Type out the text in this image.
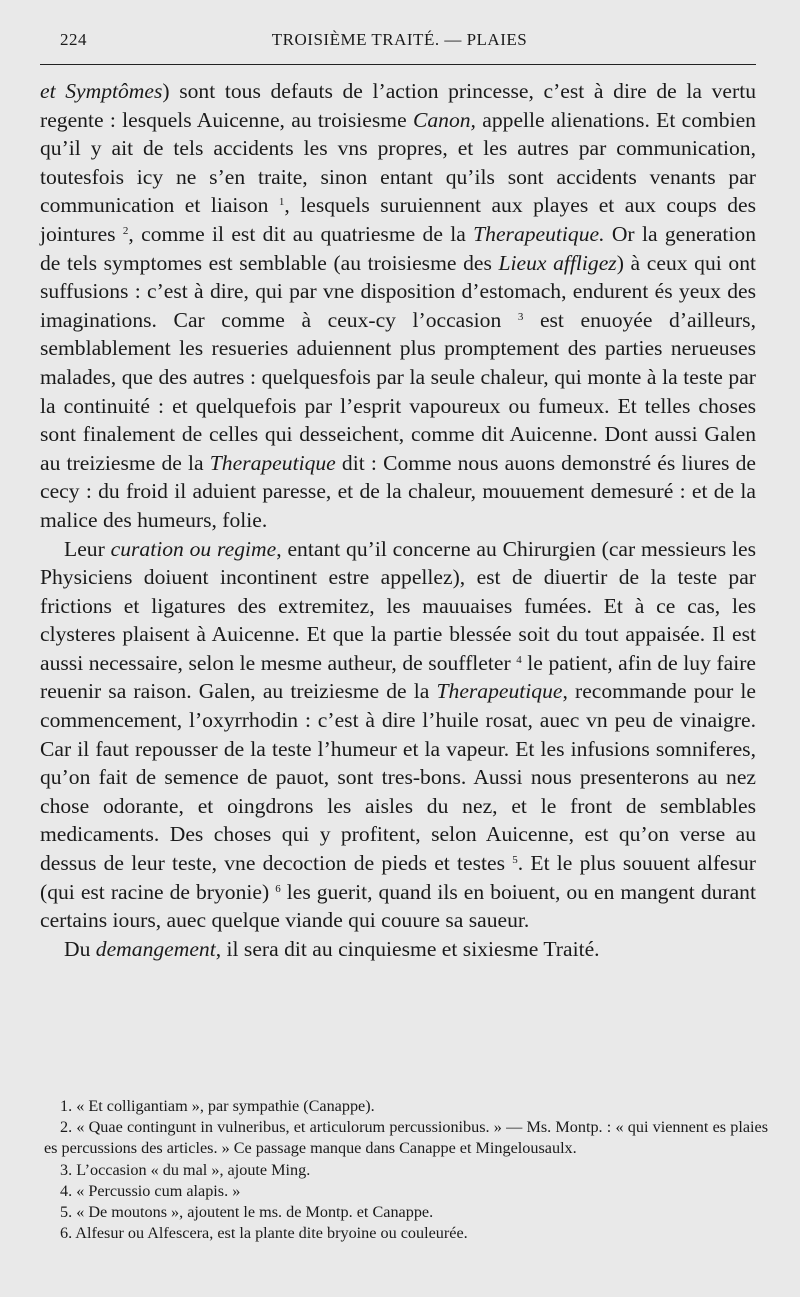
224	TROISIÈME TRAITÉ. — PLAIES

et Symptômes) sont tous defauts de l’action princesse, c’est à dire de la vertu regente : lesquels Auicenne, au troisiesme Canon, appelle alienations. Et combien qu’il y ait de tels accidents les vns propres, et les autres par communication, toutesfois icy ne s’en traite, sinon entant qu’ils sont accidents venants par communication et liaison $^1$, lesquels suruiennent aux playes et aux coups des jointures $^2$, comme il est dit au quatriesme de la Therapeutique. Or la generation de tels symptomes est semblable (au troisiesme des Lieux affligez) à ceux qui ont suffusions : c’est à dire, qui par vne disposition d’estomach, endurent és yeux des imaginations. Car comme à ceux-cy l’occasion $^3$ est enuoyée d’ailleurs, semblablement les resueries aduiennent plus promptement des parties nerueuses malades, que des autres : quelquesfois par la seule chaleur, qui monte à la teste par la continuité : et quelquefois par l’esprit vapoureux ou fumeux. Et telles choses sont finalement de celles qui desseichent, comme dit Auicenne. Dont aussi Galen au treiziesme de la Therapeutique dit : Comme nous auons demonstré és liures de cecy : du froid il aduient paresse, et de la chaleur, mouuement demesuré : et de la malice des humeurs, folie.

Leur curation ou regime, entant qu’il concerne au Chirurgien (car messieurs les Physiciens doiuent incontinent estre appellez), est de diuertir de la teste par frictions et ligatures des extremitez, les mauuaises fumées. Et à ce cas, les clysteres plaisent à Auicenne. Et que la partie blessée soit du tout appaisée. Il est aussi necessaire, selon le mesme autheur, de souffleter $^4$ le patient, afin de luy faire reuenir sa raison. Galen, au treiziesme de la Therapeutique, recommande pour le commencement, l’oxyrrhodin : c’est à dire l’huile rosat, auec vn peu de vinaigre. Car il faut repousser de la teste l’humeur et la vapeur. Et les infusions somniferes, qu’on fait de semence de pauot, sont tres-bons. Aussi nous presenterons au nez chose odorante, et oingdrons les aisles du nez, et le front de semblables medicaments. Des choses qui y profitent, selon Auicenne, est qu’on verse au dessus de leur teste, vne decoction de pieds et testes $^5$. Et le plus souuent alfesur (qui est racine de bryonie) $^6$ les guerit, quand ils en boiuent, ou en mangent durant certains iours, auec quelque viande qui couure sa saueur.

Du demangement, il sera dit au cinquiesme et sixiesme Traité.

1. « Et colligantiam », par sympathie (Canappe).
2. « Quae contingunt in vulneribus, et articulorum percussionibus. » — Ms. Montp. : « qui viennent es plaies es percussions des articles. » Ce passage manque dans Canappe et Mingelousaulx.
3. L’occasion « du mal », ajoute Ming.
4. « Percussio cum alapis. »
5. « De moutons », ajoutent le ms. de Montp. et Canappe.
6. Alfesur ou Alfescera, est la plante dite bryoine ou couleurée.
